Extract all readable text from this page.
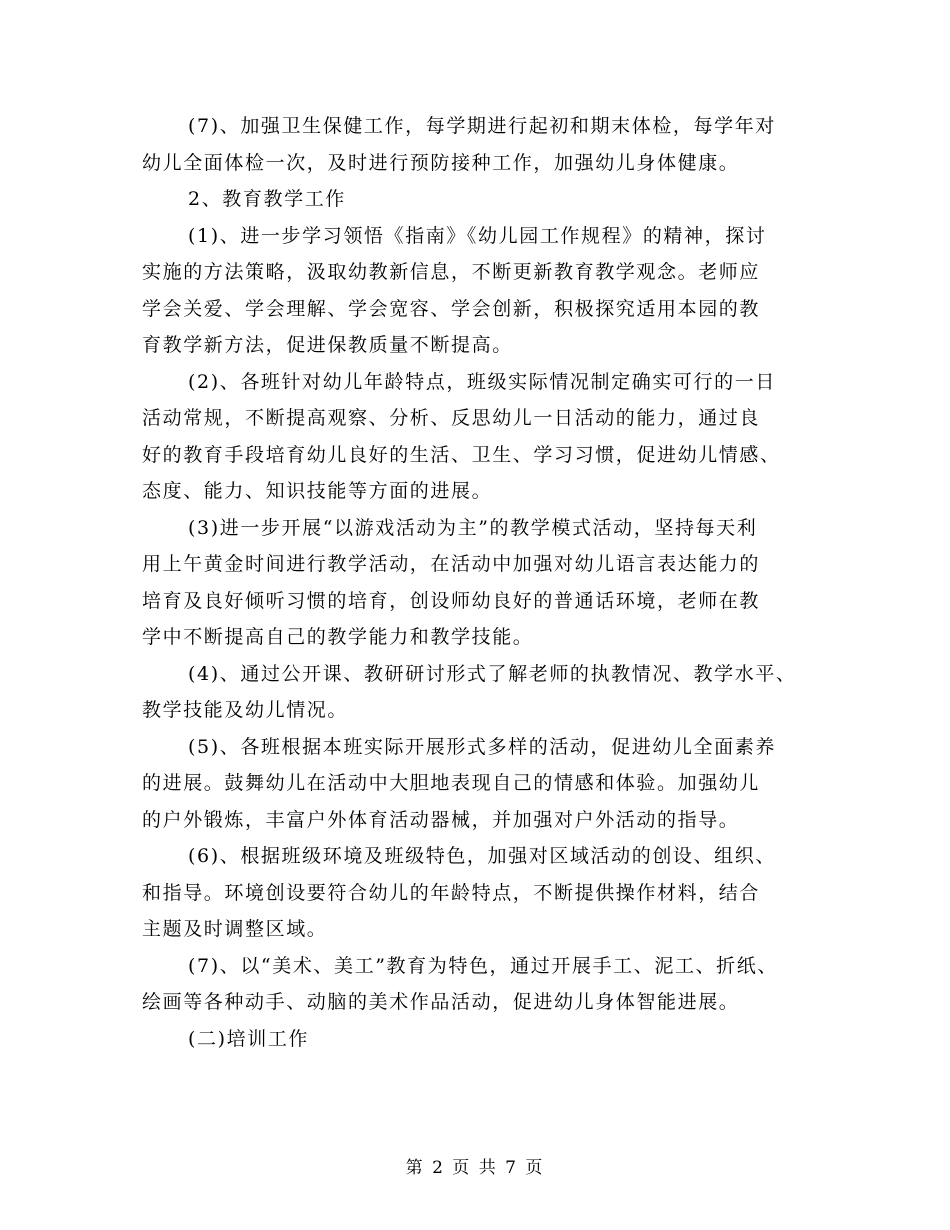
(7)、加强卫生保健工作，每学期进行起初和期末体检，每学年对
幼儿全面体检一次，及时进行预防接种工作，加强幼儿身体健康。
2、教育教学工作
(1)、进一步学习领悟《指南》《幼儿园工作规程》的精神，探讨
实施的方法策略，汲取幼教新信息，不断更新教育教学观念。老师应
学会关爱、学会理解、学会宽容、学会创新，积极探究适用本园的教
育教学新方法，促进保教质量不断提高。
(2)、各班针对幼儿年龄特点，班级实际情况制定确实可行的一日
活动常规，不断提高观察、分析、反思幼儿一日活动的能力，通过良
好的教育手段培育幼儿良好的生活、卫生、学习习惯，促进幼儿情感、
态度、能力、知识技能等方面的进展。
(3)进一步开展“以游戏活动为主”的教学模式活动，坚持每天利
用上午黄金时间进行教学活动，在活动中加强对幼儿语言表达能力的
培育及良好倾听习惯的培育，创设师幼良好的普通话环境，老师在教
学中不断提高自己的教学能力和教学技能。
(4)、通过公开课、教研研讨形式了解老师的执教情况、教学水平、
教学技能及幼儿情况。
(5)、各班根据本班实际开展形式多样的活动，促进幼儿全面素养
的进展。鼓舞幼儿在活动中大胆地表现自己的情感和体验。加强幼儿
的户外锻炼，丰富户外体育活动器械，并加强对户外活动的指导。
(6)、根据班级环境及班级特色，加强对区域活动的创设、组织、
和指导。环境创设要符合幼儿的年龄特点，不断提供操作材料，结合
主题及时调整区域。
(7)、以“美术、美工”教育为特色，通过开展手工、泥工、折纸、
绘画等各种动手、动脑的美术作品活动，促进幼儿身体智能进展。
(二)培训工作
第 2 页 共 7 页
